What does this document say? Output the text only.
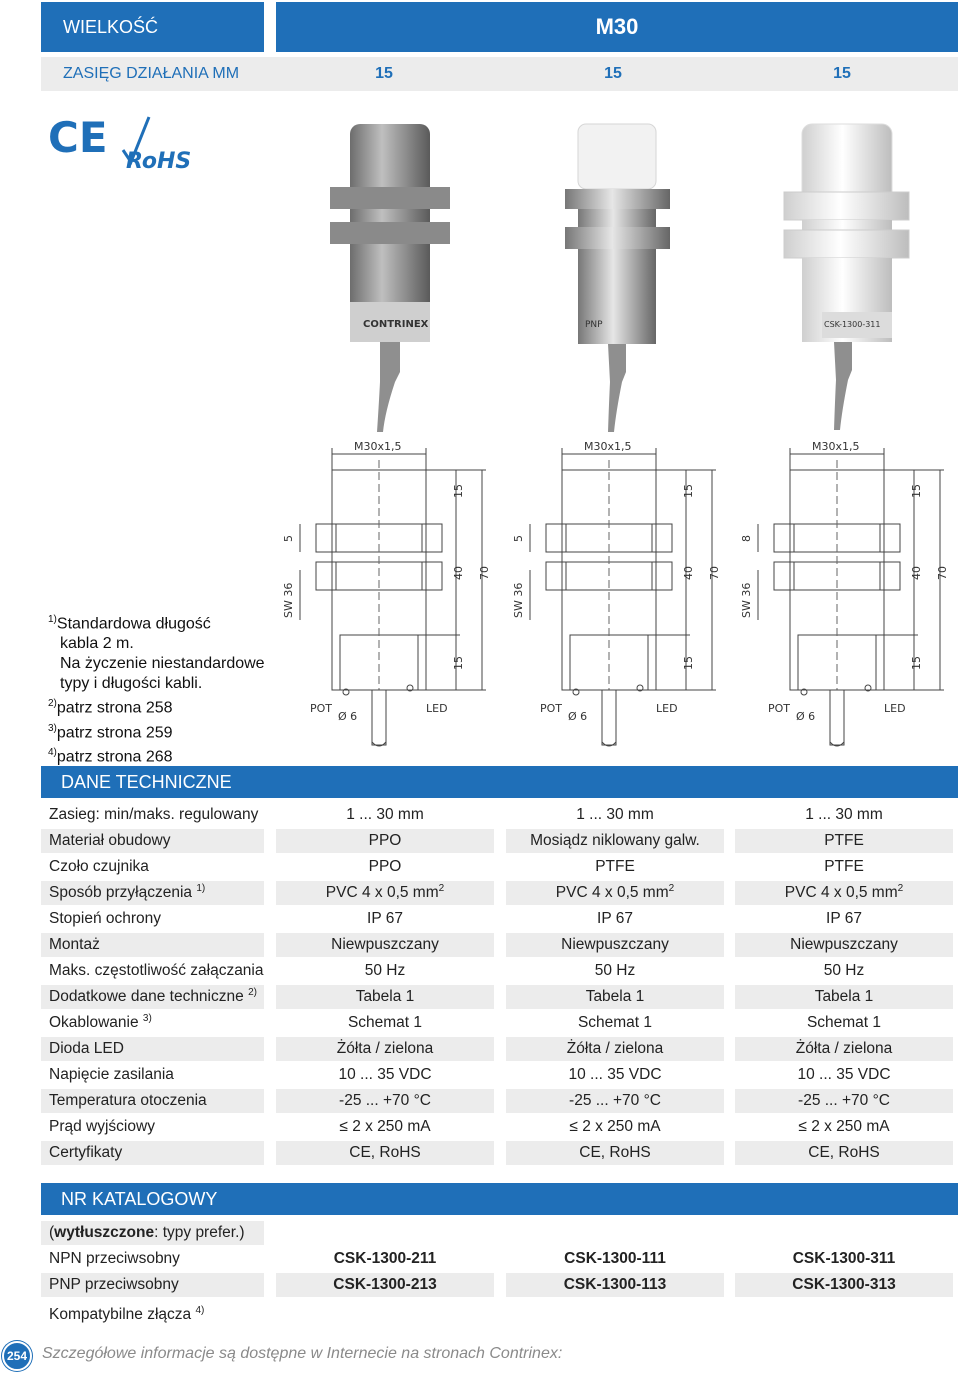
WIELKOŚĆ	M30
ZASIĘG DZIAŁANIA MM	15	15	15
CE RoHS
CONTRINEX	PNP	CSK-1300-311
$^{1)}$Standardowa długość
kabla 2 m.
Na życzenie niestandardowe
typy i długości kabli.
$^{2)}$patrz strona 258
$^{3)}$patrz strona 259
$^{4)}$patrz strona 268
M30x1,5
15
40 70
15
5
SW 36
POT
Ø 6
LED
M30x1,5
15
40 70
15
5
SW 36
POT
Ø 6
LED
M30x1,5
15
40 70
15
8
SW 36
POT
Ø 6
LED
DANE TECHNICZNE
Zasieg: min/maks. regulowany	1 ... 30 mm	1 ... 30 mm	1 ... 30 mm
Materiał obudowy	PPO	Mosiądz niklowany galw.	PTFE
Czoło czujnika	PPO	PTFE	PTFE
Sposób przyłączenia $^{1)}$	PVC 4 x 0,5 $mm^2$	PVC 4 x 0,5 $mm^2$	PVC 4 x 0,5 $mm^2$
Stopień ochrony	IP 67	IP 67	IP 67
Montaż	Niewpuszczany	Niewpuszczany	Niewpuszczany
Maks. częstotliwość załączania	50 Hz	50 Hz	50 Hz
Dodatkowe dane techniczne $^{2)}$	Tabela 1	Tabela 1	Tabela 1
Okablowanie $^{3)}$	Schemat 1	Schemat 1	Schemat 1
Dioda LED	Żółta / zielona	Żółta / zielona	Żółta / zielona
Napięcie zasilania	10 ... 35 VDC	10 ... 35 VDC	10 ... 35 VDC
Temperatura otoczenia	-25 ... +70 °C	-25 ... +70 °C	-25 ... +70 °C
Prąd wyjściowy	≤ 2 x 250 mA	≤ 2 x 250 mA	≤ 2 x 250 mA
Certyfikaty	CE, RoHS	CE, RoHS	CE, RoHS
NR KATALOGOWY
(wytłuszczone: typy prefer.)
NPN przeciwsobny	CSK-1300-211	CSK-1300-111	CSK-1300-311
PNP przeciwsobny	CSK-1300-213	CSK-1300-113	CSK-1300-313
Kompatybilne złącza $^{4)}$
254 Szczegółowe informacje są dostępne w Internecie na stronach Contrinex:
